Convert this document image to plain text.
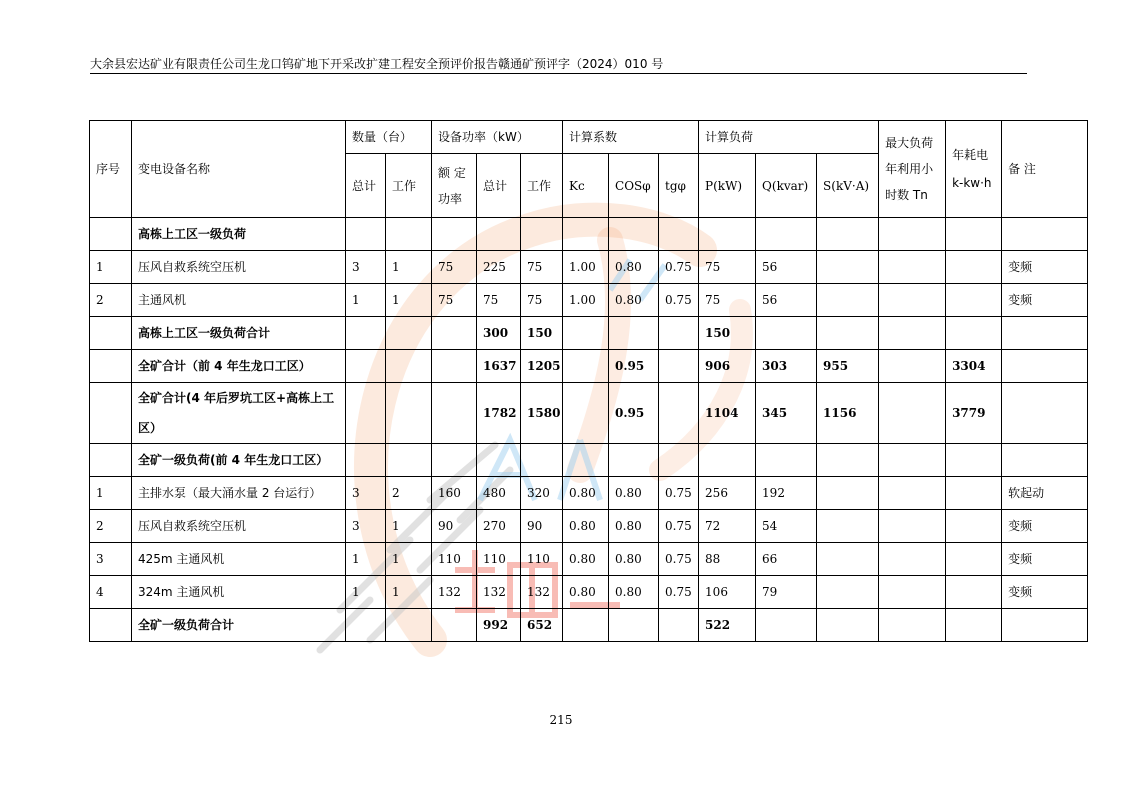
大余县宏达矿业有限责任公司生龙口钨矿地下开采改扩建工程安全预评价报告赣通矿预评字（2024）010 号
序号	变电设备名称	数量（台）		设备功率（kW）			计算系数			计算负荷			最大负荷年利用小时数 Tn	年耗电 k-kw·h	备 注
		总计	工作	额 定 功率	总计	工作	Kc	COSφ	tgφ	P(kW)	Q(kvar)	S(kV·A)			

	高栋上工区一级负荷														
1	压风自救系统空压机	3	1	75	225	75	1.00	0.80	0.75	75	56				变频
2	主通风机	1	1	75	75	75	1.00	0.80	0.75	75	56				变频
	高栋上工区一级负荷合计				300	150				150					
	全矿合计（前 4 年生龙口工区）				1637	1205		0.95		906	303	955		3304	
	全矿合计(4 年后罗坑工区+高栋上工区）				1782	1580		0.95		1104	345	1156		3779	
	全矿一级负荷(前 4 年生龙口工区）														
1	主排水泵（最大涌水量 2 台运行）	3	2	160	480	320	0.80	0.80	0.75	256	192				软起动
2	压风自救系统空压机	3	1	90	270	90	0.80	0.80	0.75	72	54				变频
3	425m 主通风机	1	1	110	110	110	0.80	0.80	0.75	88	66				变频
4	324m 主通风机	1	1	132	132	132	0.80	0.80	0.75	106	79				变频
	全矿一级负荷合计				992	652				522					
215
